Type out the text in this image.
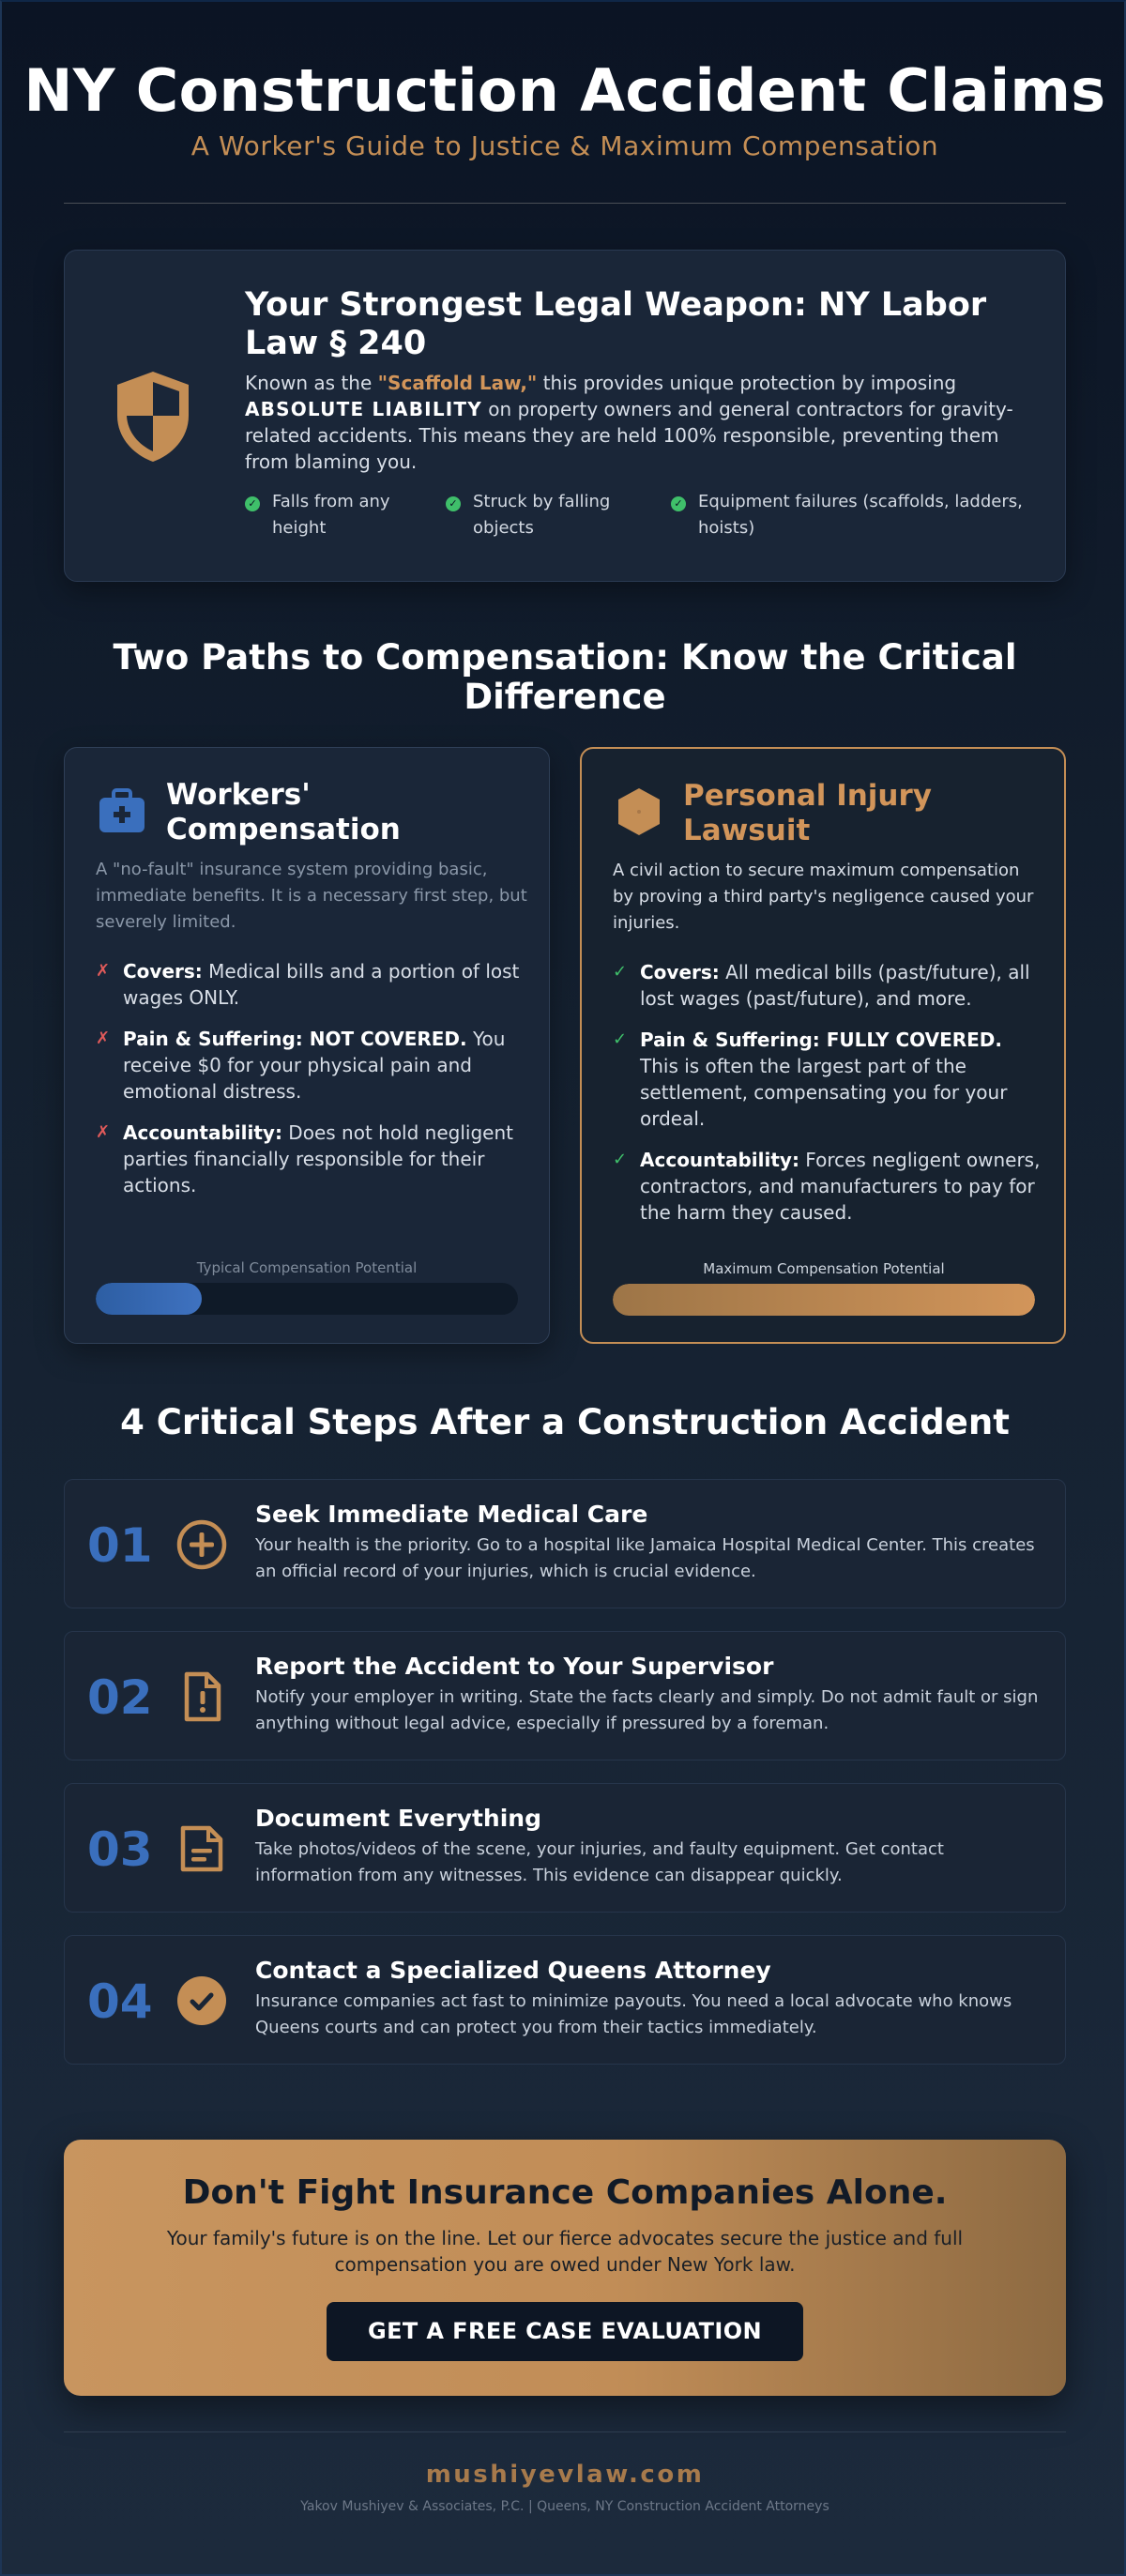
NY Construction Accident Claims
A Worker's Guide to Justice & Maximum Compensation
Your Strongest Legal Weapon: NY Labor Law § 240
Known as the "Scaffold Law," this provides unique protection by imposing ABSOLUTE LIABILITY on property owners and general contractors for gravity-related accidents. This means they are held 100% responsible, preventing them from blaming you.
✓ Falls from any height
✓ Struck by falling objects
✓ Equipment failures (scaffolds, ladders, hoists)
Two Paths to Compensation: Know the Critical
Difference
Workers' Compensation
A "no-fault" insurance system providing basic, immediate benefits. It is a necessary first step, but severely limited.
✗ Covers: Medical bills and a portion of lost wages ONLY.
✗ Pain & Suffering: NOT COVERED. You receive $0 for your physical pain and emotional distress.
✗ Accountability: Does not hold negligent parties financially responsible for their actions.
Typical Compensation Potential
Personal Injury Lawsuit
A civil action to secure maximum compensation by proving a third party's negligence caused your injuries.
✓ Covers: All medical bills (past/future), all lost wages (past/future), and more.
✓ Pain & Suffering: FULLY COVERED. This is often the largest part of the settlement, compensating you for your ordeal.
✓ Accountability: Forces negligent owners, contractors, and manufacturers to pay for the harm they caused.
Maximum Compensation Potential
4 Critical Steps After a Construction Accident
01
Seek Immediate Medical Care
Your health is the priority. Go to a hospital like Jamaica Hospital Medical Center. This creates an official record of your injuries, which is crucial evidence.
02
Report the Accident to Your Supervisor
Notify your employer in writing. State the facts clearly and simply. Do not admit fault or sign anything without legal advice, especially if pressured by a foreman.
03
Document Everything
Take photos/videos of the scene, your injuries, and faulty equipment. Get contact information from any witnesses. This evidence can disappear quickly.
04
Contact a Specialized Queens Attorney
Insurance companies act fast to minimize payouts. You need a local advocate who knows Queens courts and can protect you from their tactics immediately.
Don't Fight Insurance Companies Alone.
Your family's future is on the line. Let our fierce advocates secure the justice and full compensation you are owed under New York law.
GET A FREE CASE EVALUATION
mushiyevlaw.com
Yakov Mushiyev & Associates, P.C. | Queens, NY Construction Accident Attorneys
